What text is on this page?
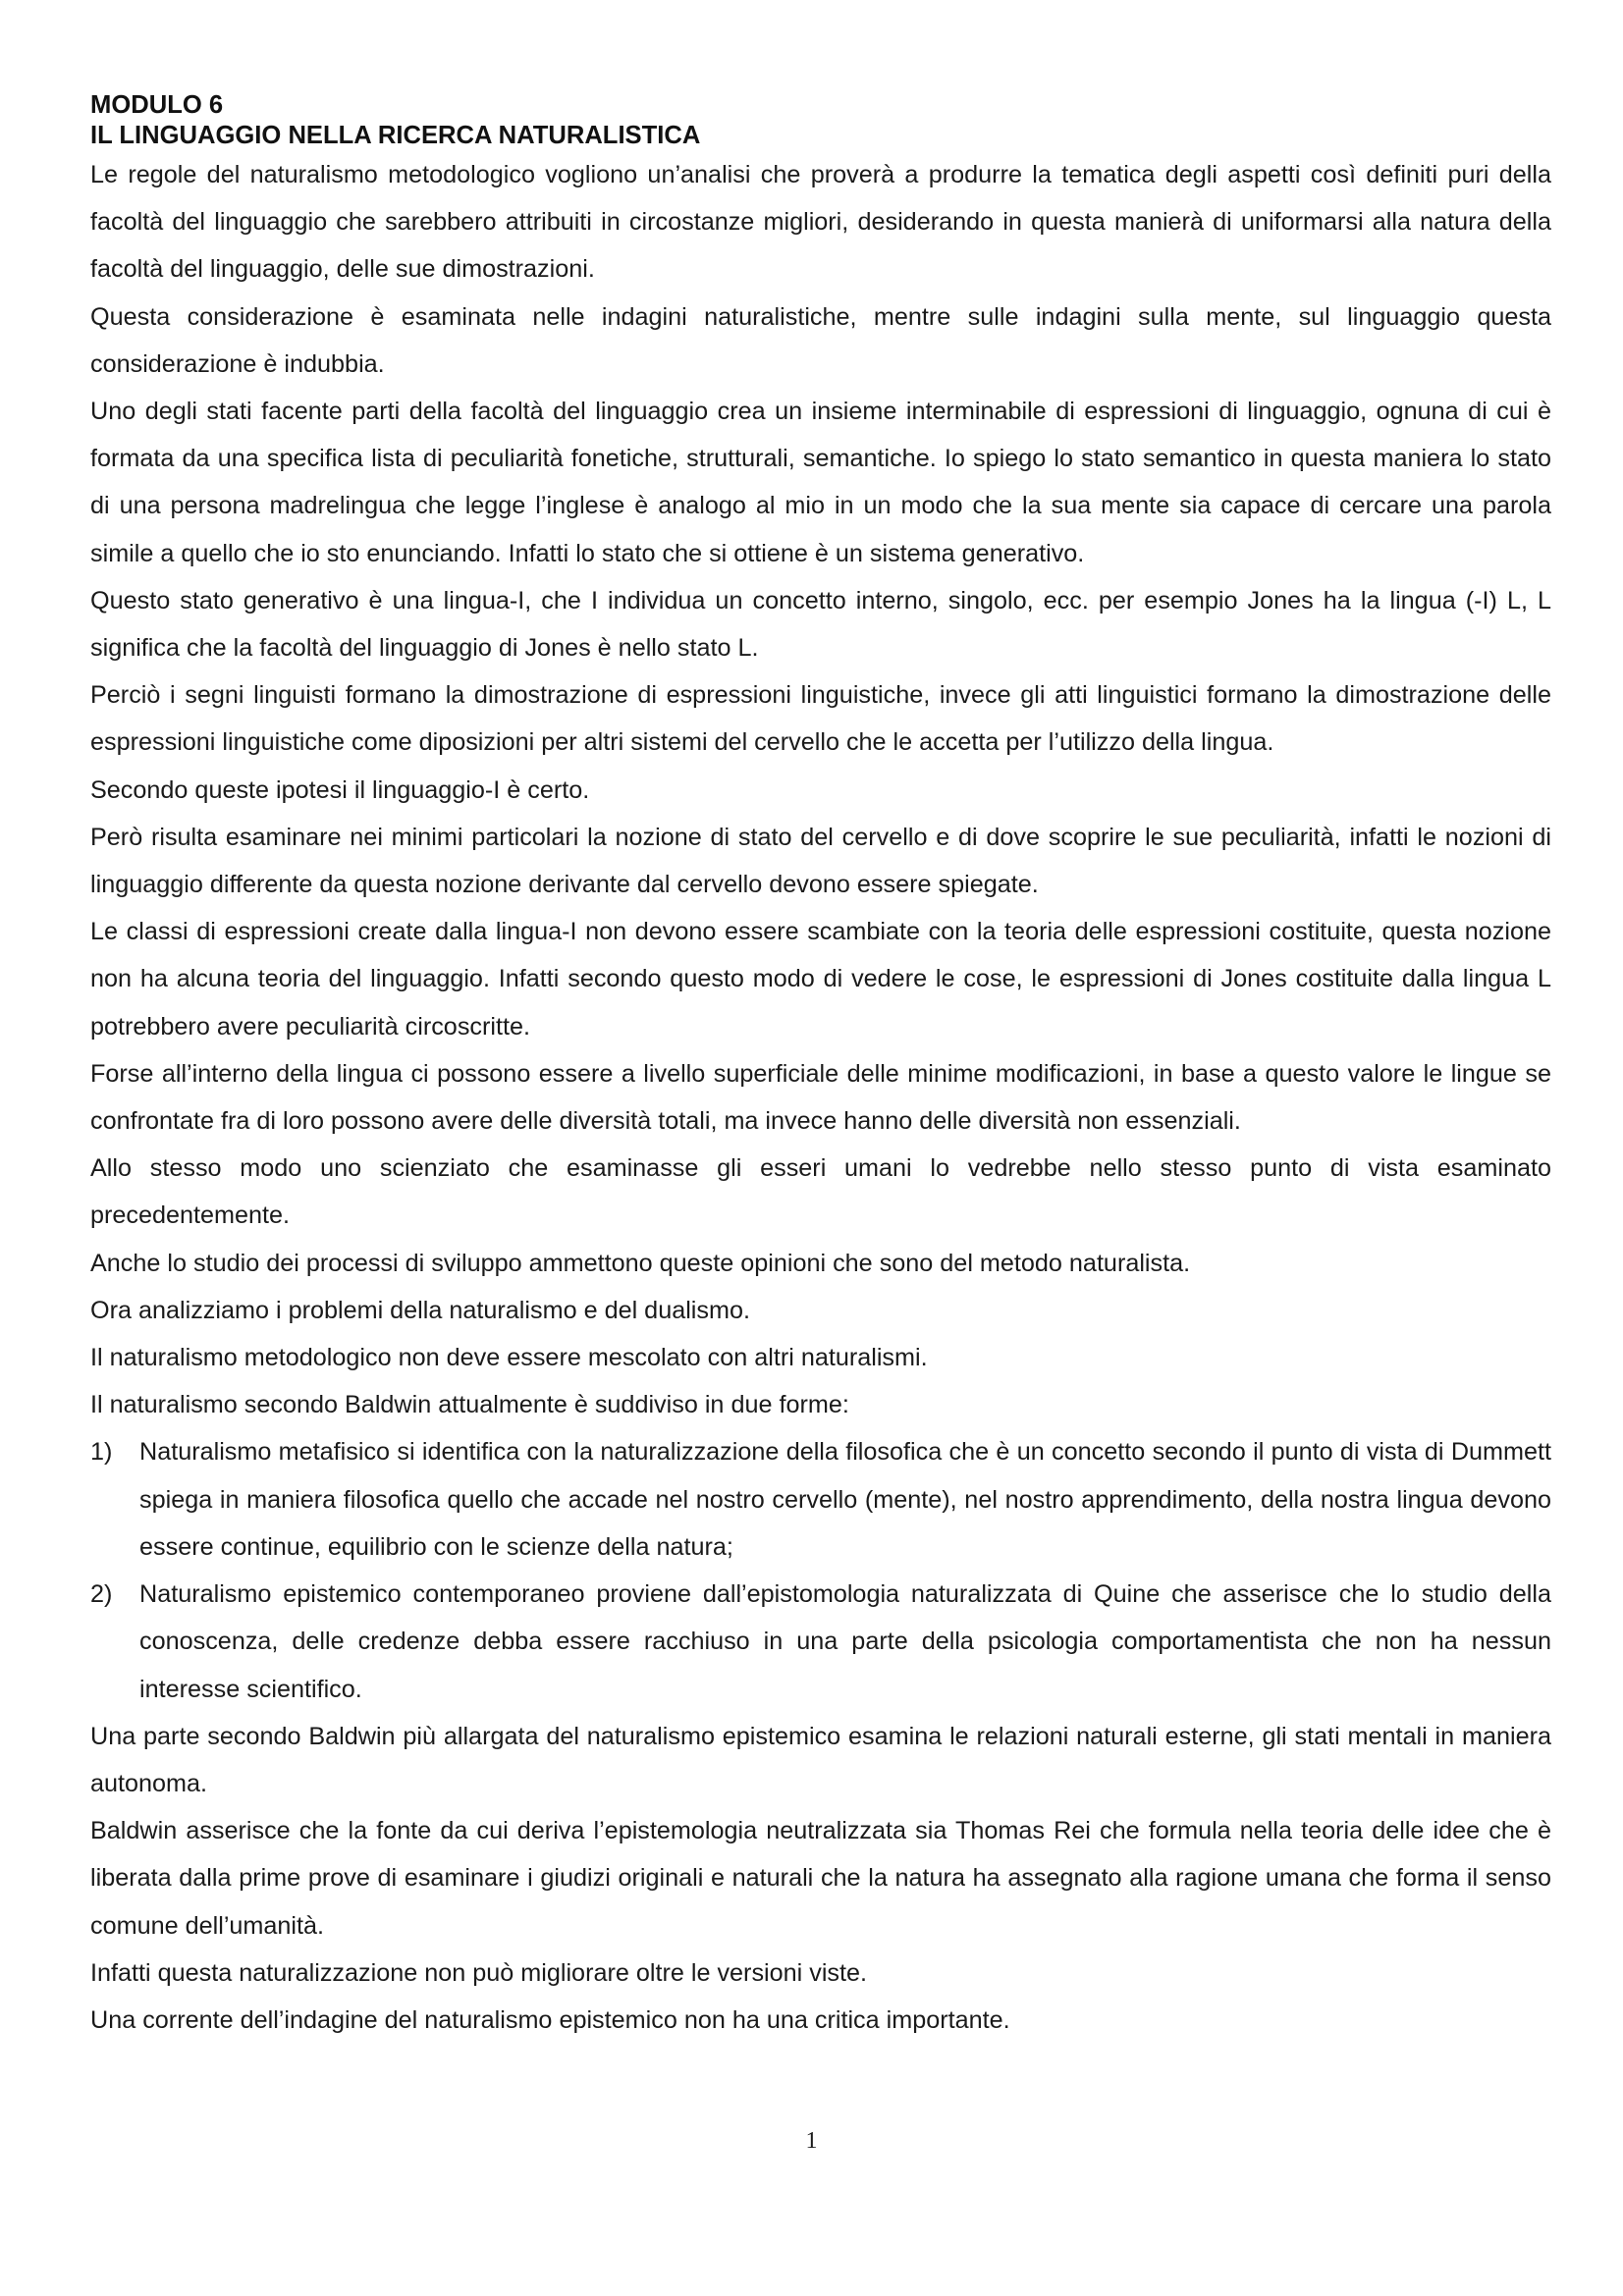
MODULO 6
IL LINGUAGGIO NELLA RICERCA NATURALISTICA

Le regole del naturalismo metodologico vogliono un’analisi che proverà a produrre la tematica degli aspetti così definiti puri della facoltà del linguaggio che sarebbero attribuiti in circostanze migliori, desiderando in questa manierà di uniformarsi alla natura della facoltà del linguaggio, delle sue dimostrazioni.

Questa considerazione è esaminata nelle indagini naturalistiche, mentre sulle indagini sulla mente, sul linguaggio questa considerazione è indubbia.

Uno degli stati facente parti della facoltà del linguaggio crea un insieme interminabile di espressioni di linguaggio, ognuna di cui è formata da una specifica lista di peculiarità fonetiche, strutturali, semantiche. Io spiego lo stato semantico in questa maniera lo stato di una persona madrelingua che legge l’inglese è analogo al mio in un modo che la sua mente sia capace di cercare una parola simile a quello che io sto enunciando. Infatti lo stato che si ottiene è un sistema generativo.

Questo stato generativo è una lingua-I, che I individua un concetto interno, singolo, ecc. per esempio Jones ha la lingua (-I) L, L significa che la facoltà del linguaggio di Jones è nello stato L.

Perciò i segni linguisti formano la dimostrazione di espressioni linguistiche, invece gli atti linguistici formano la dimostrazione delle espressioni linguistiche come diposizioni per altri sistemi del cervello che le accetta per l’utilizzo della lingua.

Secondo queste ipotesi il linguaggio-I è certo.

Però risulta esaminare nei minimi particolari la nozione di stato del cervello e di dove scoprire le sue peculiarità, infatti le nozioni di linguaggio differente da questa nozione derivante dal cervello devono essere spiegate.

Le classi di espressioni create dalla lingua-I non devono essere scambiate con la teoria delle espressioni costituite, questa nozione non ha alcuna teoria del linguaggio. Infatti secondo questo modo di vedere le cose, le espressioni di Jones costituite dalla lingua L potrebbero avere peculiarità circoscritte.

Forse all’interno della lingua ci possono essere a livello superficiale delle minime modificazioni, in base a questo valore le lingue se confrontate fra di loro possono avere delle diversità totali, ma invece hanno delle diversità non essenziali.

Allo stesso modo uno scienziato che esaminasse gli esseri umani lo vedrebbe nello stesso punto di vista esaminato precedentemente.

Anche lo studio dei processi di sviluppo ammettono queste opinioni che sono del metodo naturalista.

Ora analizziamo i problemi della naturalismo e del dualismo.

Il naturalismo metodologico non deve essere mescolato con altri naturalismi.

Il naturalismo secondo Baldwin attualmente è suddiviso in due forme:

1) Naturalismo metafisico si identifica con la naturalizzazione della filosofica che è un concetto secondo il punto di vista di Dummett spiega in maniera filosofica quello che accade nel nostro cervello (mente), nel nostro apprendimento, della nostra lingua devono essere continue, equilibrio con le scienze della natura;
2) Naturalismo epistemico contemporaneo proviene dall’epistomologia naturalizzata di Quine che asserisce che lo studio della conoscenza, delle credenze debba essere racchiuso in una parte della psicologia comportamentista che non ha nessun interesse scientifico.

Una parte secondo Baldwin più allargata del naturalismo epistemico esamina le relazioni naturali esterne, gli stati mentali in maniera autonoma.

Baldwin asserisce che la fonte da cui deriva l’epistemologia neutralizzata sia Thomas Rei che formula nella teoria delle idee che è liberata dalla prime prove di esaminare i giudizi originali e naturali che la natura ha assegnato alla ragione umana che forma il senso comune dell’umanità.

Infatti questa naturalizzazione non può migliorare oltre le versioni viste.

Una corrente dell’indagine del naturalismo epistemico non ha una critica importante.

1
